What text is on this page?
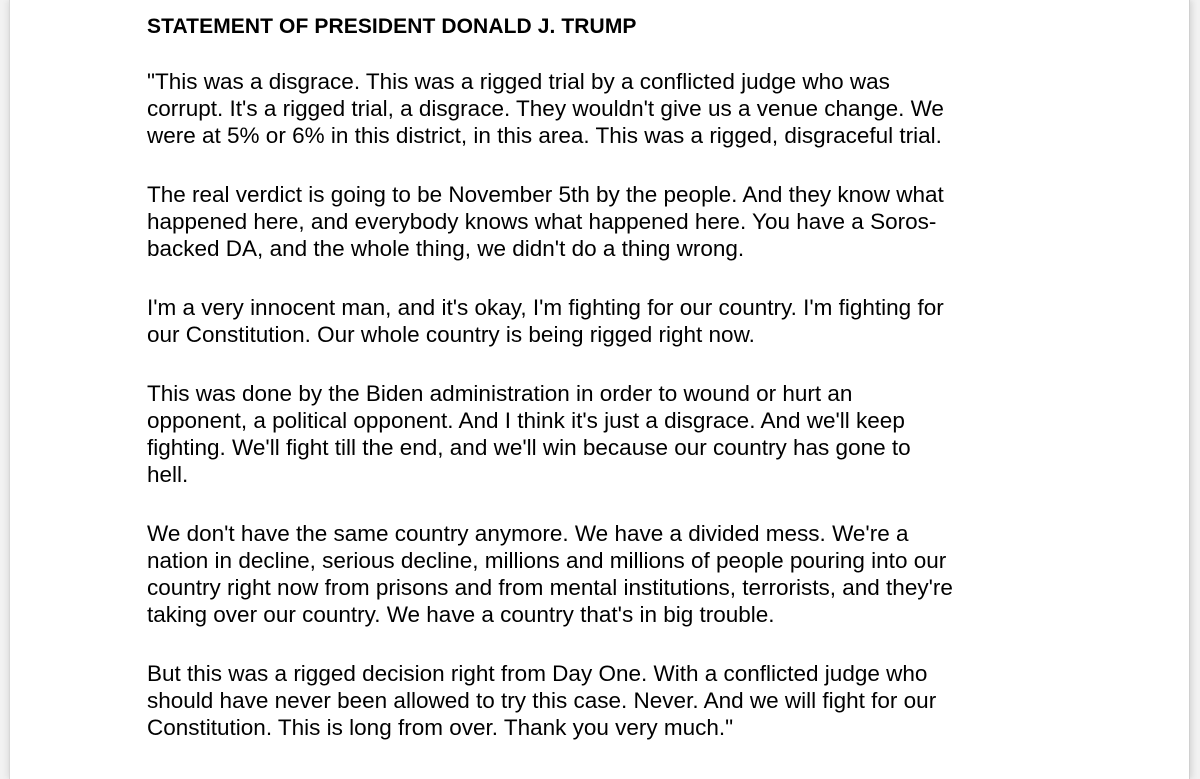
STATEMENT OF PRESIDENT DONALD J. TRUMP

"This was a disgrace. This was a rigged trial by a conflicted judge who was
corrupt. It's a rigged trial, a disgrace. They wouldn't give us a venue change. We
were at 5% or 6% in this district, in this area. This was a rigged, disgraceful trial.

The real verdict is going to be November 5th by the people. And they know what
happened here, and everybody knows what happened here. You have a Soros-
backed DA, and the whole thing, we didn't do a thing wrong.

I'm a very innocent man, and it's okay, I'm fighting for our country. I'm fighting for
our Constitution. Our whole country is being rigged right now.

This was done by the Biden administration in order to wound or hurt an
opponent, a political opponent. And I think it's just a disgrace. And we'll keep
fighting. We'll fight till the end, and we'll win because our country has gone to
hell.

We don't have the same country anymore. We have a divided mess. We're a
nation in decline, serious decline, millions and millions of people pouring into our
country right now from prisons and from mental institutions, terrorists, and they're
taking over our country. We have a country that's in big trouble.

But this was a rigged decision right from Day One. With a conflicted judge who
should have never been allowed to try this case. Never. And we will fight for our
Constitution. This is long from over. Thank you very much."
